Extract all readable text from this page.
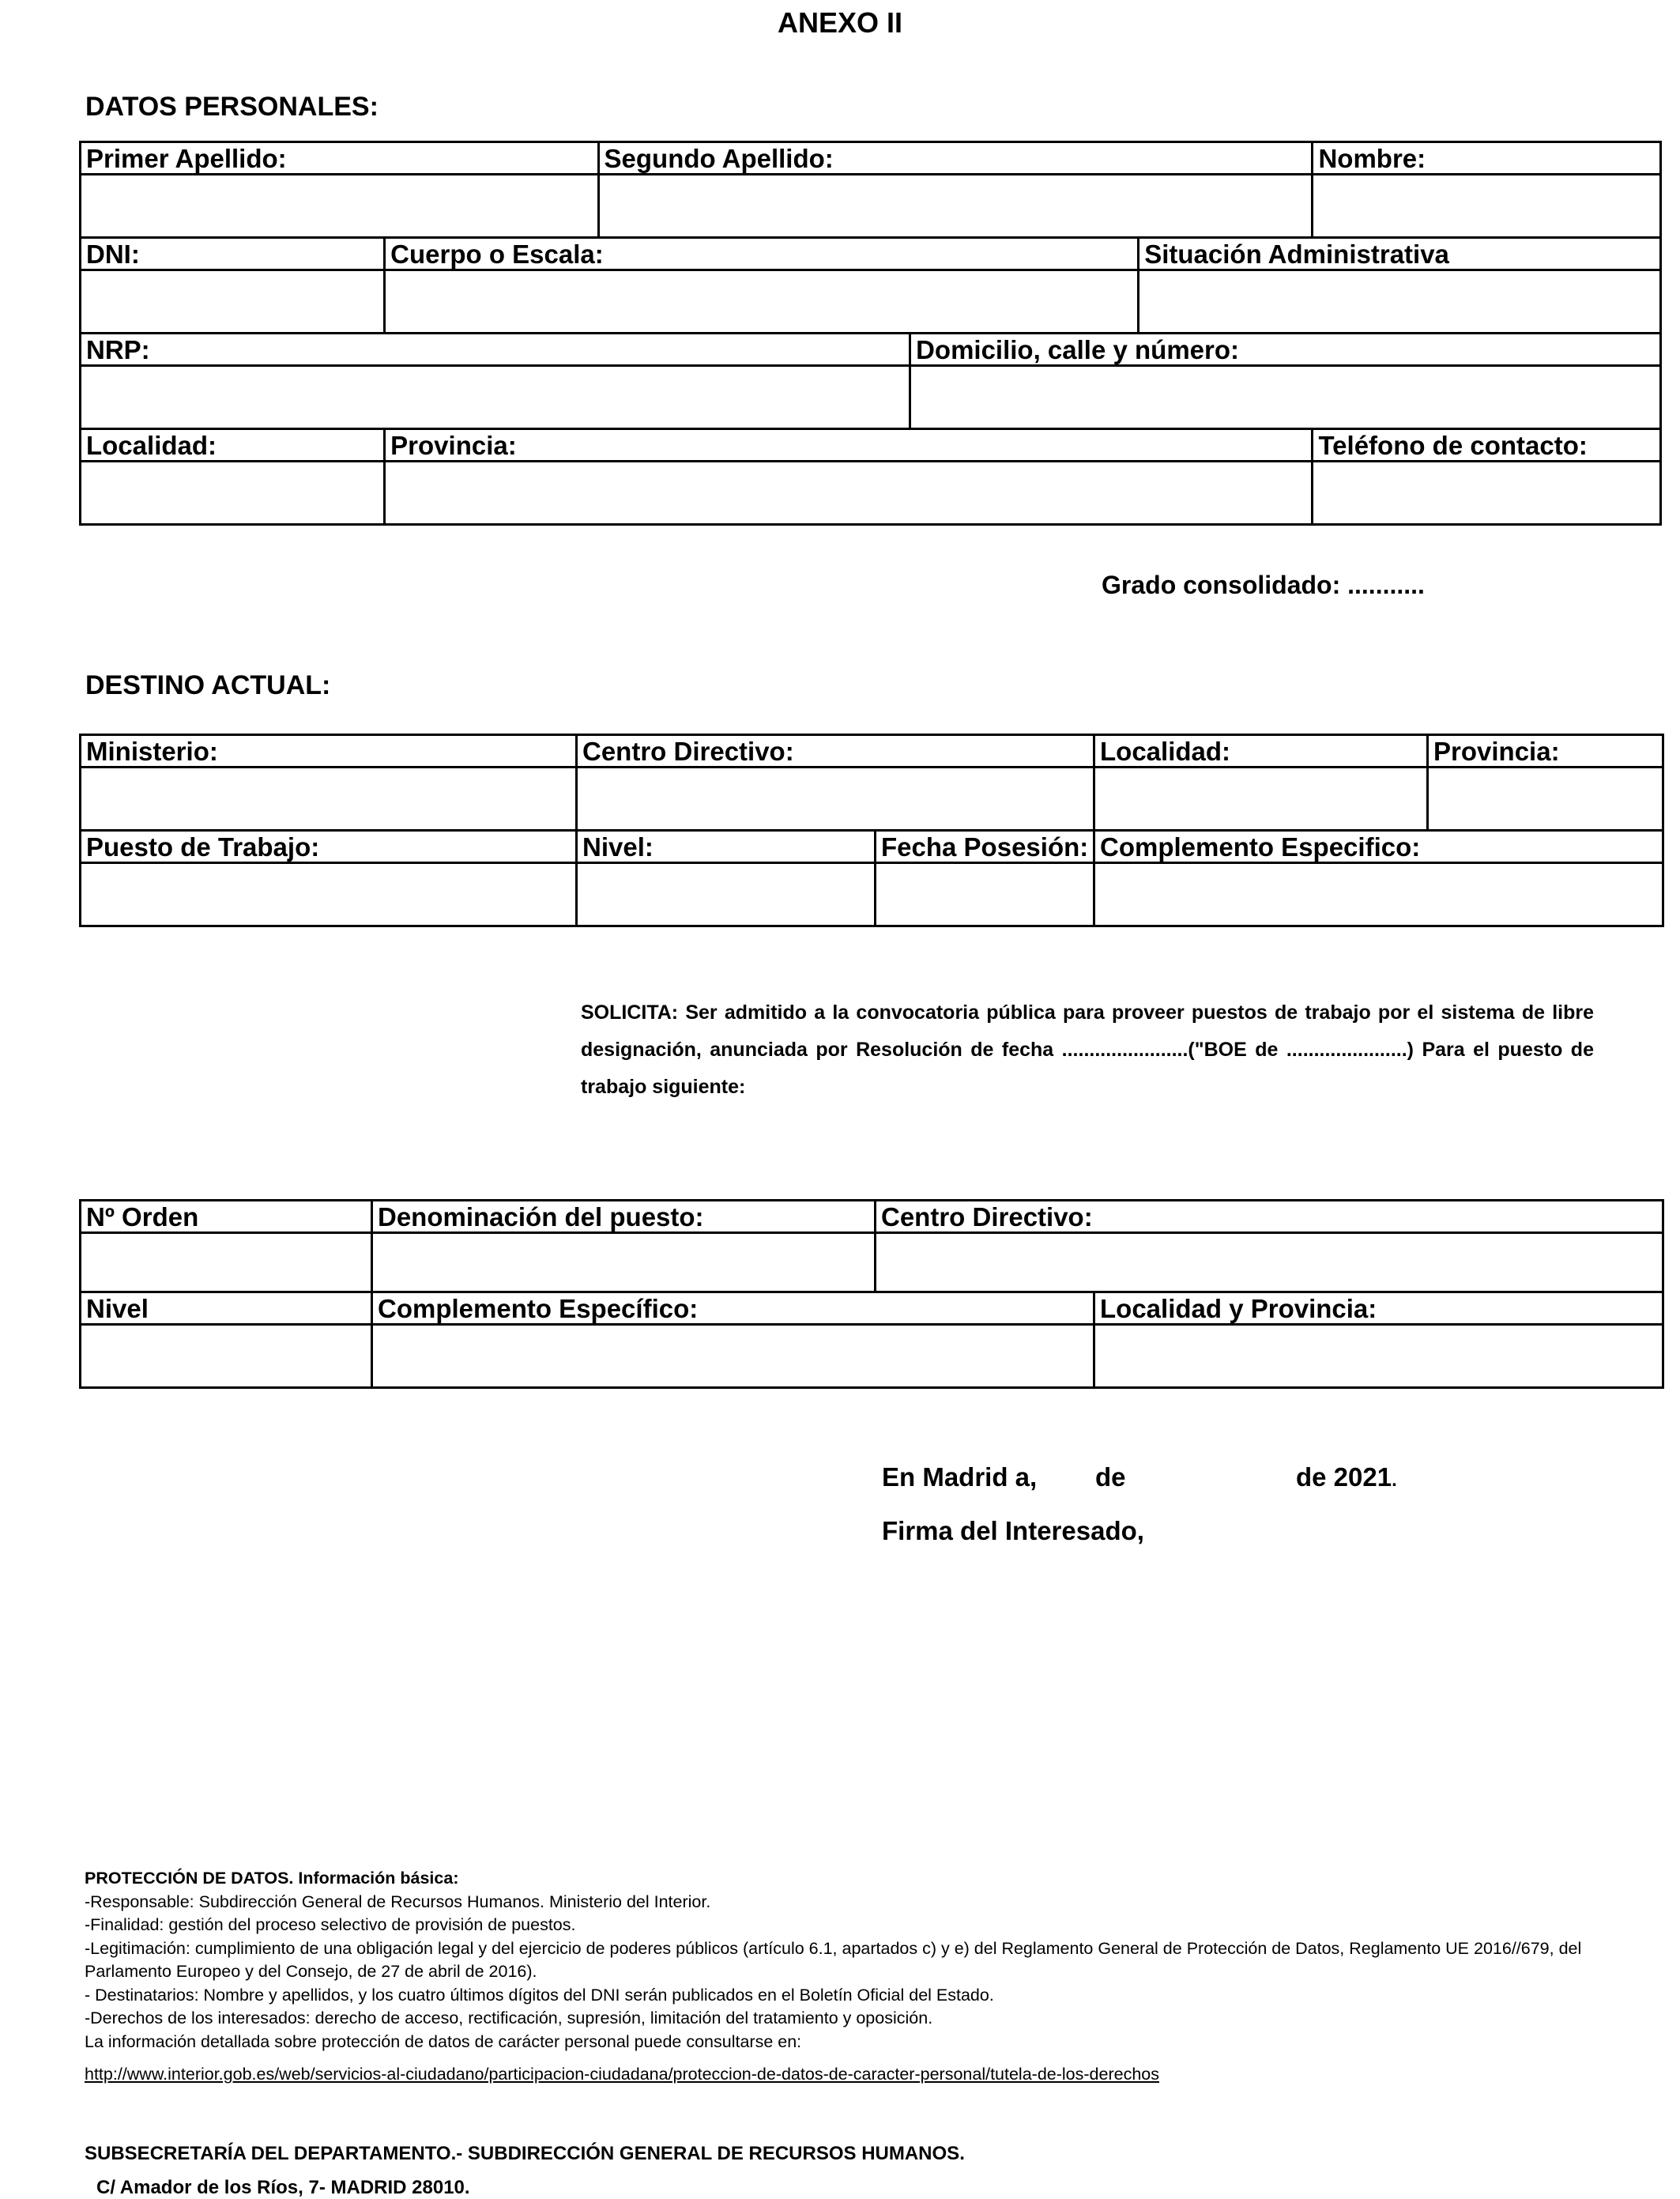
ANEXO II
DATOS PERSONALES:
Primer Apellido:		Segundo Apellido:			Nombre:

DNI:	Cuerpo o Escala:			Situación Administrativa	

NRP:			Domicilio, calle y número:		

Localidad:	Provincia:				Teléfono de contacto:

Grado consolidado: ...........
DESTINO ACTUAL:
Ministerio:	Centro Directivo:		Localidad:	Provincia:

Puesto de Trabajo:	Nivel:	Fecha Posesión:	Complemento Especifico:	

SOLICITA: Ser admitido a la convocatoria pública para proveer puestos de trabajo por el sistema de libre designación, anunciada por Resolución de fecha .......................("BOE de ......................) Para el puesto de trabajo siguiente:
Nº Orden	Denominación del puesto:	Centro Directivo:	

Nivel	Complemento Específico:		Localidad y Provincia:

En Madrid a, de	de 2021.
Firma del Interesado,
PROTECCIÓN DE DATOS. Información básica:
-Responsable: Subdirección General de Recursos Humanos. Ministerio del Interior.
-Finalidad: gestión del proceso selectivo de provisión de puestos.
-Legitimación: cumplimiento de una obligación legal y del ejercicio de poderes públicos (artículo 6.1, apartados c) y e) del Reglamento General de Protección de Datos, Reglamento UE 2016//679, del Parlamento Europeo y del Consejo, de 27 de abril de 2016).
- Destinatarios: Nombre y apellidos, y los cuatro últimos dígitos del DNI serán publicados en el Boletín Oficial del Estado.
-Derechos de los interesados: derecho de acceso, rectificación, supresión, limitación del tratamiento y oposición.
La información detallada sobre protección de datos de carácter personal puede consultarse en:
http://www.interior.gob.es/web/servicios-al-ciudadano/participacion-ciudadana/proteccion-de-datos-de-caracter-personal/tutela-de-los-derechos
SUBSECRETARÍA DEL DEPARTAMENTO.- SUBDIRECCIÓN GENERAL DE RECURSOS HUMANOS.
C/ Amador de los Ríos, 7- MADRID 28010.
